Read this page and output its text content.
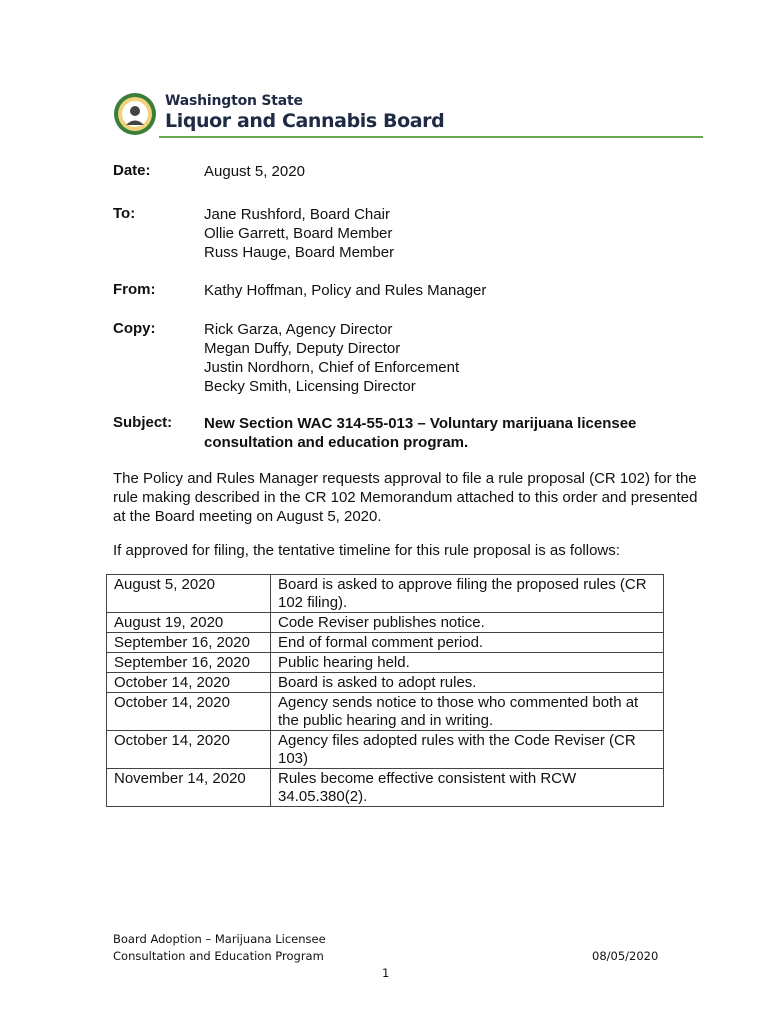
Washington State
Liquor and Cannabis Board
Date:	August 5, 2020
To:	Jane Rushford, Board Chair
Ollie Garrett, Board Member
Russ Hauge, Board Member
From:	Kathy Hoffman, Policy and Rules Manager
Copy:	Rick Garza, Agency Director
Megan Duffy, Deputy Director
Justin Nordhorn, Chief of Enforcement
Becky Smith, Licensing Director
Subject: New Section WAC 314-55-013 – Voluntary marijuana licensee
consultation and education program.
The Policy and Rules Manager requests approval to file a rule proposal (CR 102) for the
rule making described in the CR 102 Memorandum attached to this order and presented
at the Board meeting on August 5, 2020.
If approved for filing, the tentative timeline for this rule proposal is as follows:
August 5, 2020	Board is asked to approve filing the proposed rules (CR
102 filing).

August 19, 2020	Code Reviser publishes notice.

September 16, 2020	End of formal comment period.

September 16, 2020	Public hearing held.

October 14, 2020	Board is asked to adopt rules.

October 14, 2020	Agency sends notice to those who commented both at
the public hearing and in writing.

October 14, 2020	Agency files adopted rules with the Code Reviser (CR
103)

November 14, 2020	Rules become effective consistent with RCW
34.05.380(2).
Board Adoption – Marijuana Licensee
Consultation and Education Program	08/05/2020
1
